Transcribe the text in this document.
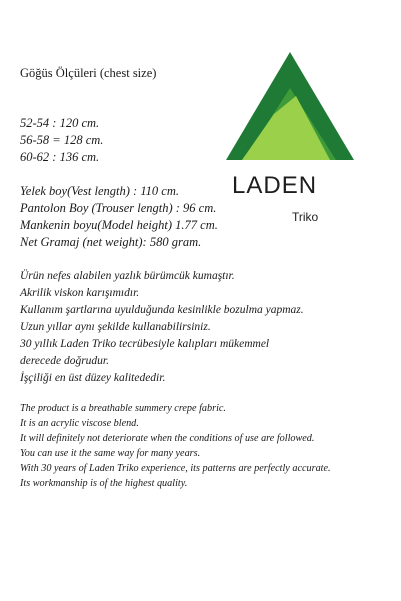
Göğüs Ölçüleri (chest size)
52-54 : 120 cm.
56-58 = 128 cm.
60-62 : 136 cm.
Yelek boy(Vest length) : 110 cm.
Pantolon Boy (Trouser length) : 96 cm.
Mankenin boyu(Model height) 1.77 cm.
Net Gramaj (net weight): 580 gram.
Ürün nefes alabilen yazlık bürümcük kumaştır.
Akrilik viskon karışımıdır.
Kullanım şartlarına uyulduğunda kesinlikle bozulma yapmaz.
Uzun yıllar aynı şekilde kullanabilirsiniz.
30 yıllık Laden Triko tecrübesiyle kalıpları mükemmel
derecede doğrudur.
İşçiliği en üst düzey kalitededir.
The product is a breathable summery crepe fabric.
It is an acrylic viscose blend.
It will definitely not deteriorate when the conditions of use are followed.
You can use it the same way for many years.
With 30 years of Laden Triko experience, its patterns are perfectly accurate.
Its workmanship is of the highest quality.
LADEN
Triko
